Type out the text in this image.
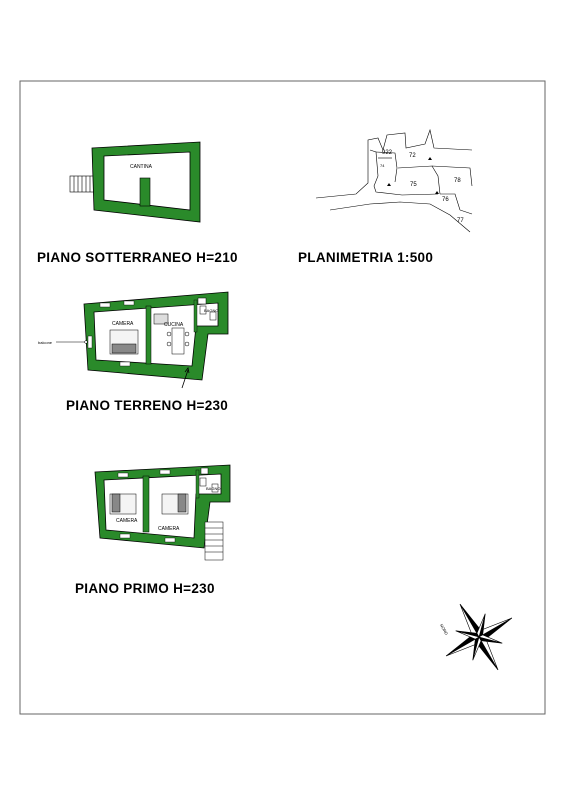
CANTINA
PIANO SOTTERRANEO H=210
922	72
74
75
78
76
77
PLANIMETRIA 1:500
balcone
CAMERA	CUCINA
BAGNO
PIANO TERRENO H=230
CAMERA
CAMERA
BAGNO
PIANO PRIMO H=230
NORD
